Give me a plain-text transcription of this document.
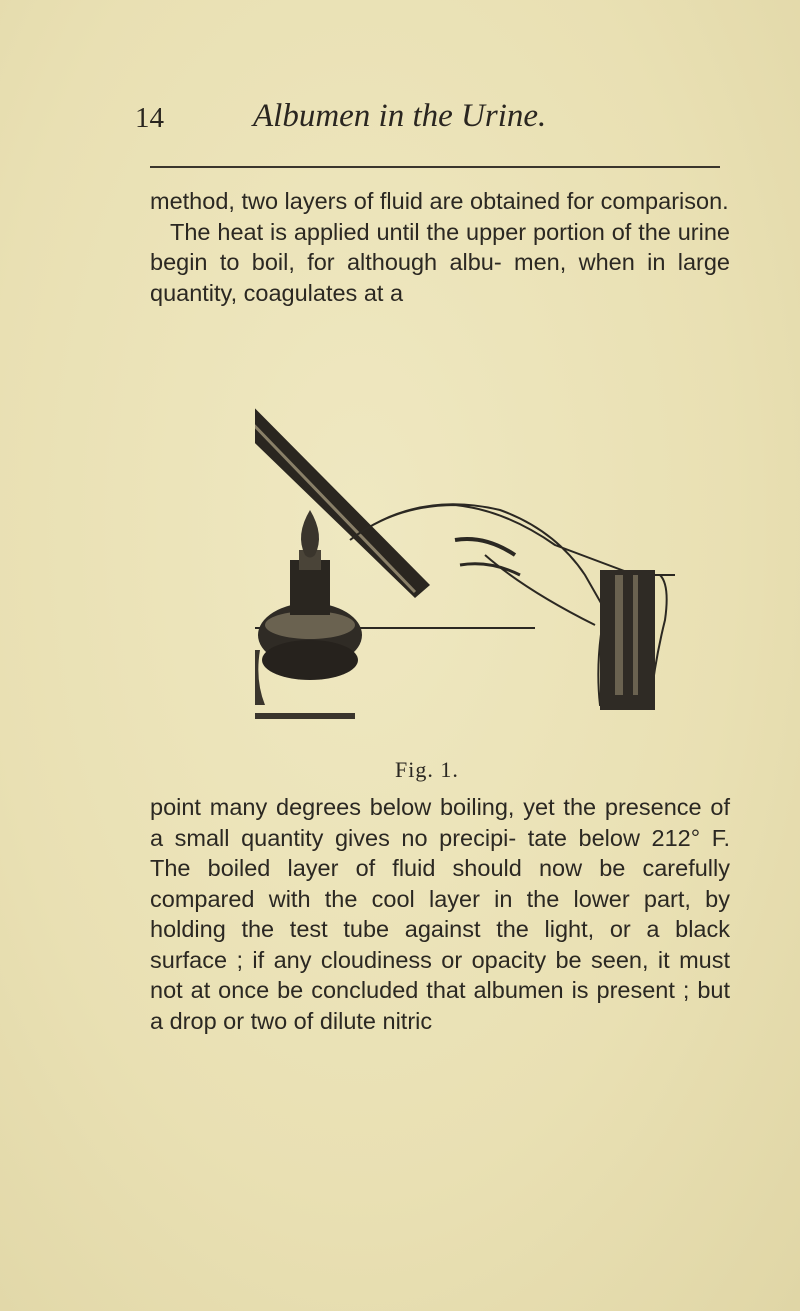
14	Albumen in the Urine.
method, two layers of fluid are obtained for comparison.
The heat is applied until the upper portion of the urine begin to boil, for although albu- men, when in large quantity, coagulates at a
Fig. 1.
point many degrees below boiling, yet the presence of a small quantity gives no precipi- tate below 212° F. The boiled layer of fluid should now be carefully compared with the cool layer in the lower part, by holding the test tube against the light, or a black surface ; if any cloudiness or opacity be seen, it must not at once be concluded that albumen is present ; but a drop or two of dilute nitric
